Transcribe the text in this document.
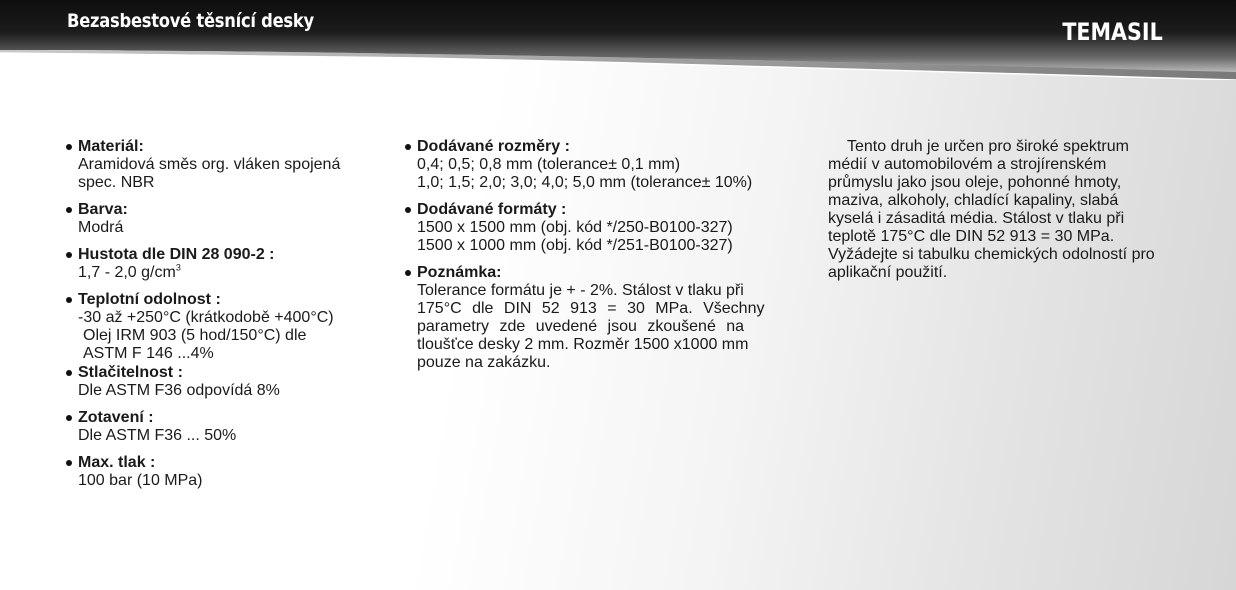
Bezasbestové těsnící desky	TEMASIL
Materiál:
Aramidová směs org. vláken spojená
spec. NBR
Barva:
Modrá
Hustota dle DIN 28 090-2 :
1,7 - 2,0 $g/cm^3$
Teplotní odolnost :
-30 až +250°C (krátkodobě +400°C)
Olej IRM 903 (5 hod/150°C) dle
ASTM F 146 ...4%
Stlačitelnost :
Dle ASTM F36 odpovídá 8%
Zotavení :
Dle ASTM F36 ... 50%
Max. tlak :
100 bar (10 MPa)
Dodávané rozměry :
0,4; 0,5; 0,8 mm (tolerance± 0,1 mm)
1,0; 1,5; 2,0; 3,0; 4,0; 5,0 mm (tolerance± 10%)
Dodávané formáty :
1500 x 1500 mm (obj. kód */250-B0100-327)
1500 x 1000 mm (obj. kód */251-B0100-327)
Poznámka:
Tolerance formátu je + - 2%. Stálost v tlaku při
175°C dle DIN 52 913 = 30 MPa. Všechny
parametry zde uvedené jsou zkoušené na
tloušťce desky 2 mm. Rozměr 1500 x1000 mm
pouze na zakázku.
Tento druh je určen pro široké spektrum
médií v automobilovém a strojírenském
průmyslu jako jsou oleje, pohonné hmoty,
maziva, alkoholy, chladící kapaliny, slabá
kyselá i zásaditá média. Stálost v tlaku při
teplotě 175°C dle DIN 52 913 = 30 MPa.
Vyžádejte si tabulku chemických odolností pro
aplikační použití.
